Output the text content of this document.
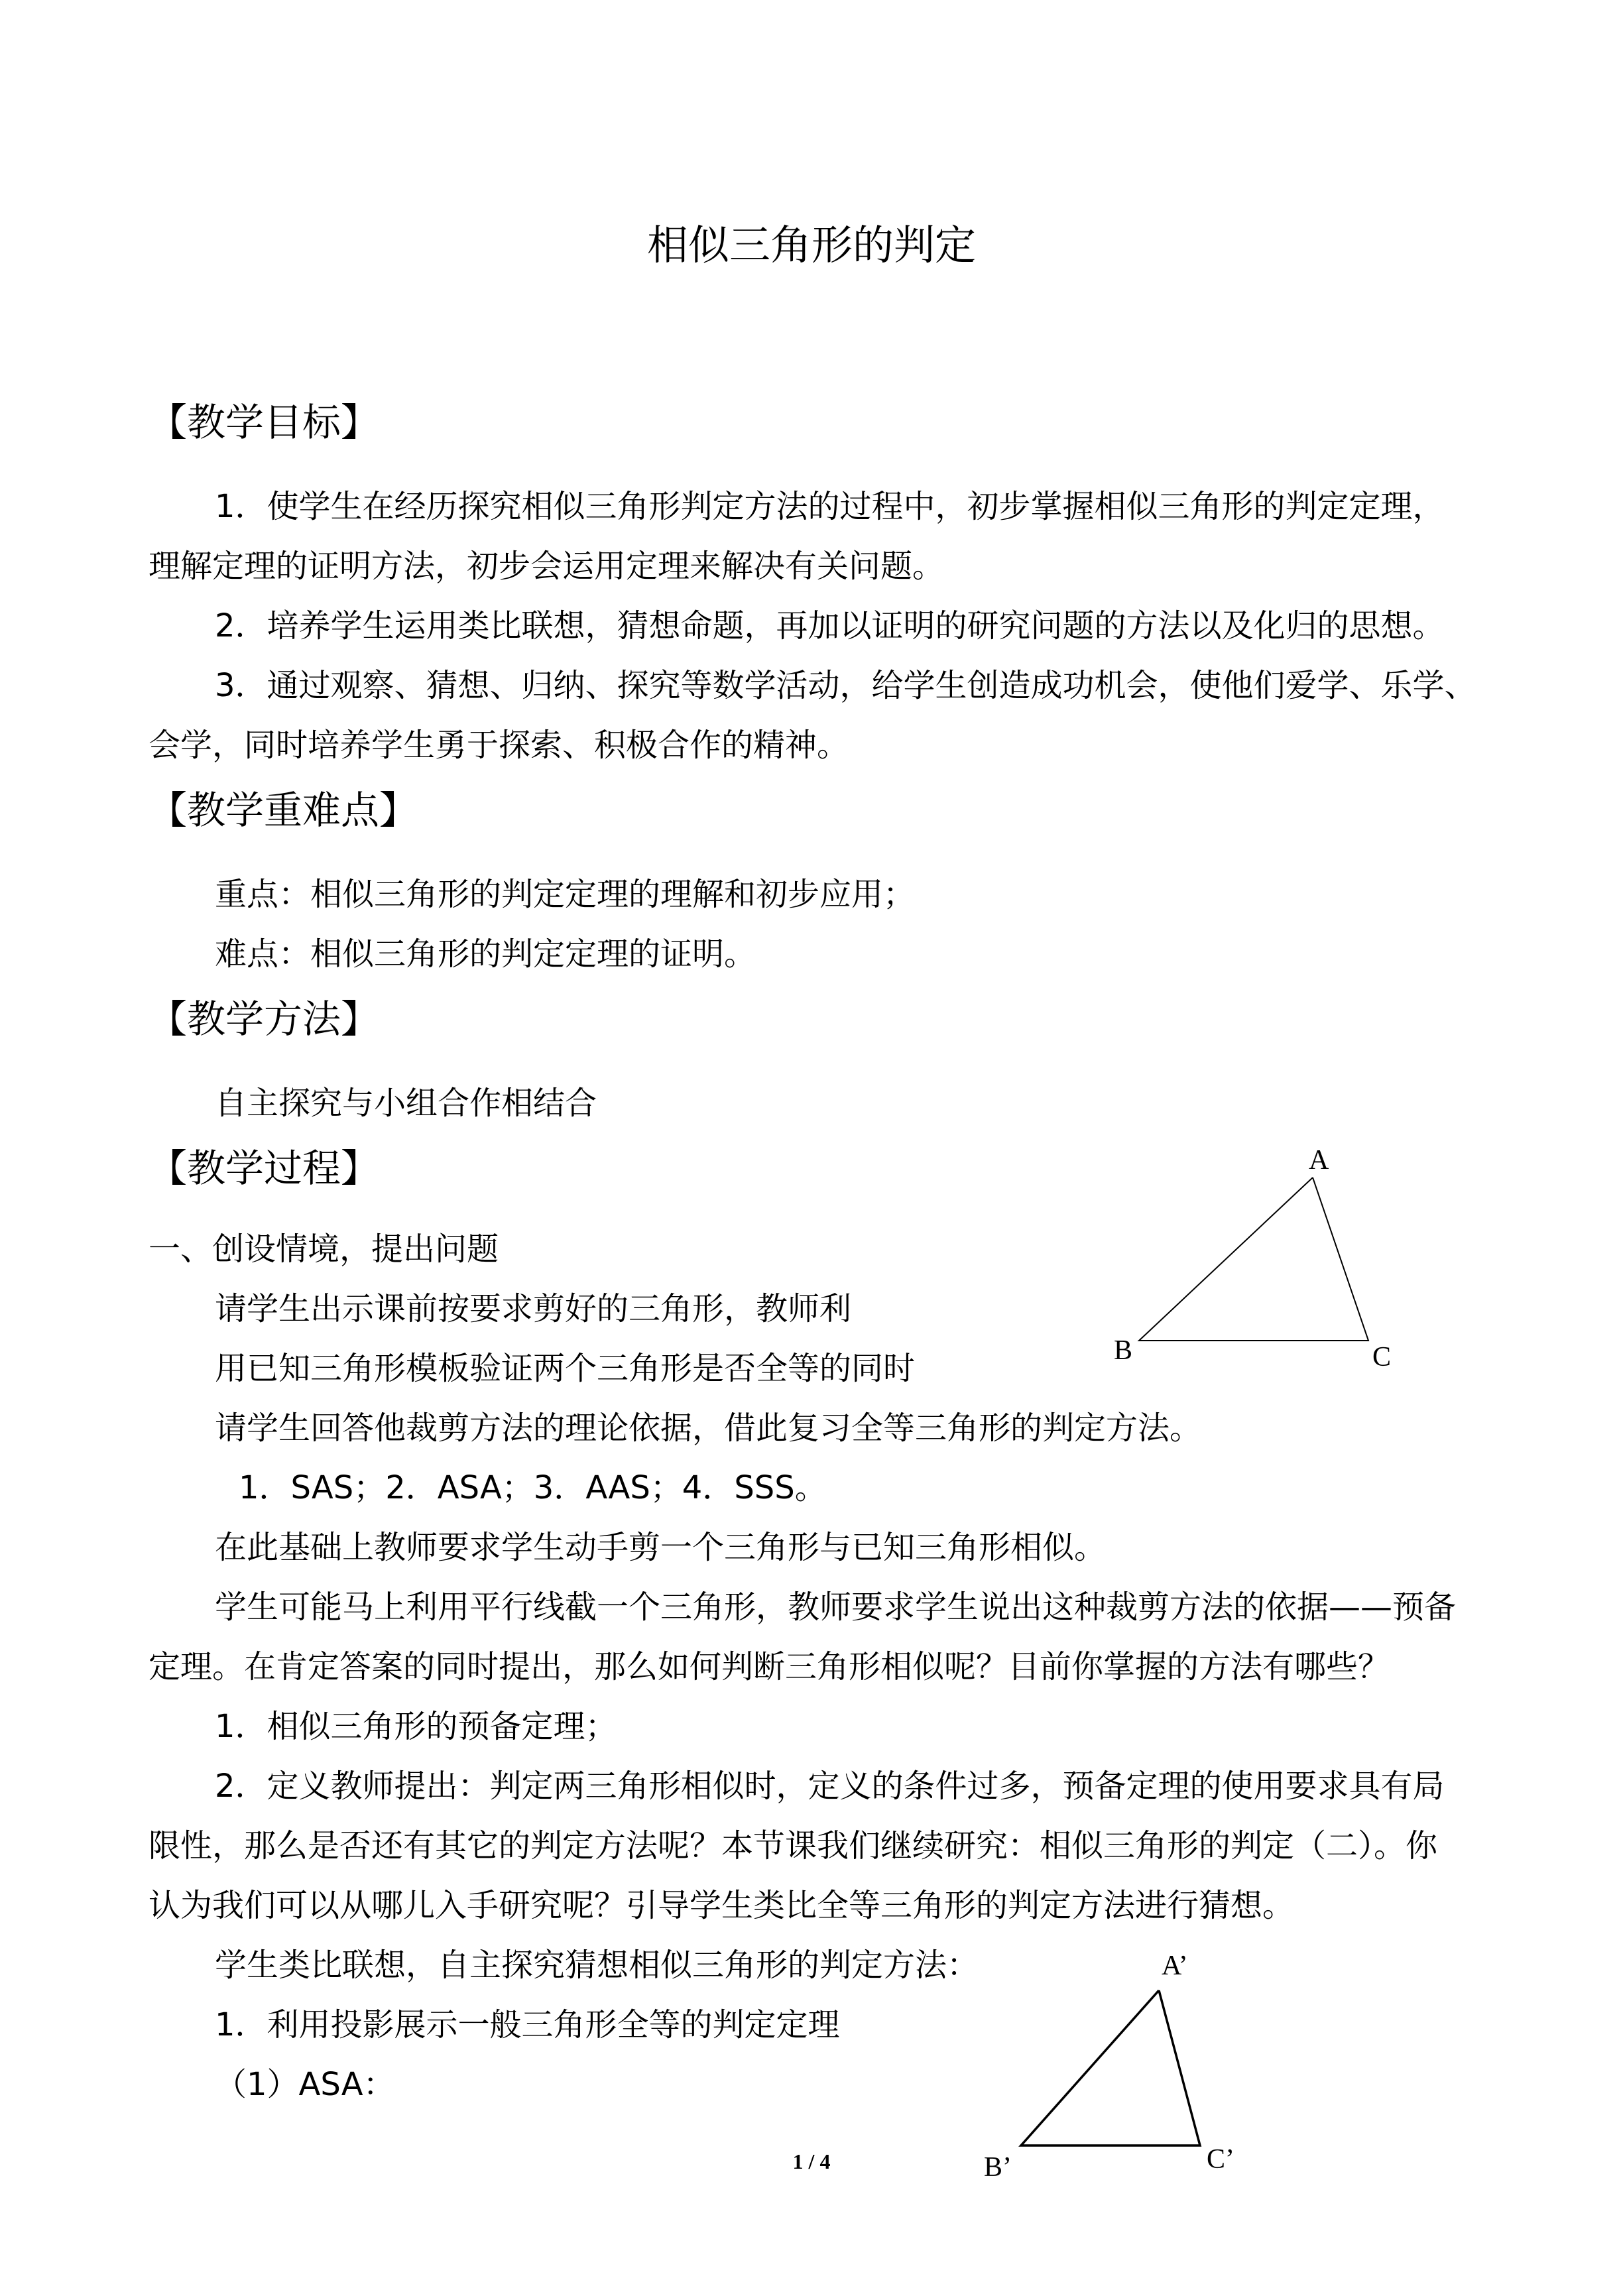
相似三角形的判定
【教学目标】
1．使学生在经历探究相似三角形判定方法的过程中，初步掌握相似三角形的判定定理，
理解定理的证明方法，初步会运用定理来解决有关问题。
2．培养学生运用类比联想，猜想命题，再加以证明的研究问题的方法以及化归的思想。
3．通过观察、猜想、归纳、探究等数学活动，给学生创造成功机会，使他们爱学、乐学、
会学，同时培养学生勇于探索、积极合作的精神。
【教学重难点】
重点：相似三角形的判定定理的理解和初步应用；
难点：相似三角形的判定定理的证明。
【教学方法】
自主探究与小组合作相结合
【教学过程】
一、创设情境，提出问题
请学生出示课前按要求剪好的三角形，教师利
用已知三角形模板验证两个三角形是否全等的同时
请学生回答他裁剪方法的理论依据，借此复习全等三角形的判定方法。
1．SAS；2．ASA；3．AAS；4．SSS。
在此基础上教师要求学生动手剪一个三角形与已知三角形相似。
学生可能马上利用平行线截一个三角形，教师要求学生说出这种裁剪方法的依据——预备
定理。在肯定答案的同时提出，那么如何判断三角形相似呢？目前你掌握的方法有哪些？
1．相似三角形的预备定理；
2．定义教师提出：判定两三角形相似时，定义的条件过多，预备定理的使用要求具有局
限性，那么是否还有其它的判定方法呢？本节课我们继续研究：相似三角形的判定（二）。你
认为我们可以从哪儿入手研究呢？引导学生类比全等三角形的判定方法进行猜想。
学生类比联想，自主探究猜想相似三角形的判定方法：
1．利用投影展示一般三角形全等的判定定理
（1）ASA：
A
B	C
A’
B’	C’
1 / 4
